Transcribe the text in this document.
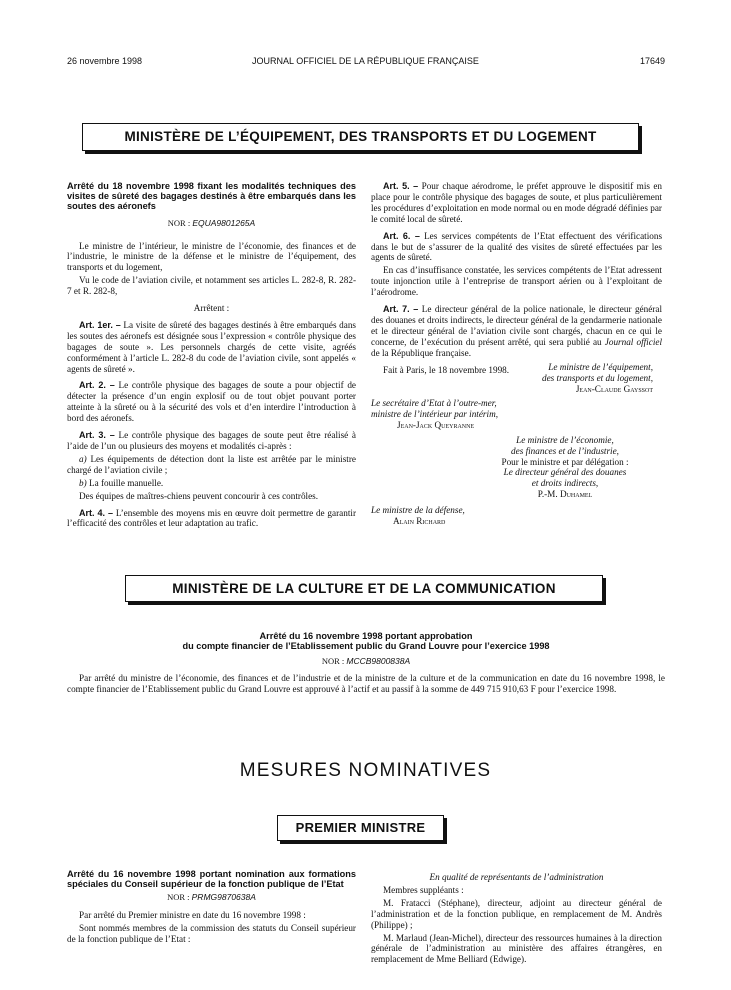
26 novembre 1998	JOURNAL OFFICIEL DE LA RÉPUBLIQUE FRANÇAISE	17649
MINISTÈRE DE L’ÉQUIPEMENT, DES TRANSPORTS ET DU LOGEMENT

Arrêté du 18 novembre 1998 fixant les modalités techniques des visites de sûreté des bagages destinés à être embarqués dans les soutes des aéronefs

NOR : EQUA9801265A

Le ministre de l’intérieur, le ministre de l’économie, des finances et de l’industrie, le ministre de la défense et le ministre de l’équipement, des transports et du logement,

Vu le code de l’aviation civile, et notamment ses articles L. 282-8, R. 282-7 et R. 282-8,

Arrêtent :

Art. 1er. – La visite de sûreté des bagages destinés à être embarqués dans les soutes des aéronefs est désignée sous l’expression « contrôle physique des bagages de soute ». Les personnels chargés de cette visite, agréés conformément à l’article L. 282-8 du code de l’aviation civile, sont appelés « agents de sûreté ».

Art. 2. – Le contrôle physique des bagages de soute a pour objectif de détecter la présence d’un engin explosif ou de tout objet pouvant porter atteinte à la sûreté ou à la sécurité des vols et d’en interdire l’introduction à bord des aéronefs.

Art. 3. – Le contrôle physique des bagages de soute peut être réalisé à l’aide de l’un ou plusieurs des moyens et modalités ci-après :

a) Les équipements de détection dont la liste est arrêtée par le ministre chargé de l’aviation civile ;

b) La fouille manuelle.

Des équipes de maîtres-chiens peuvent concourir à ces contrôles.

Art. 4. – L’ensemble des moyens mis en œuvre doit permettre de garantir l’efficacité des contrôles et leur adaptation au trafic.

Art. 5. – Pour chaque aérodrome, le préfet approuve le dispositif mis en place pour le contrôle physique des bagages de soute, et plus particulièrement les procédures d’exploitation en mode normal ou en mode dégradé définies par le comité local de sûreté.

Art. 6. – Les services compétents de l’Etat effectuent des vérifications dans le but de s’assurer de la qualité des visites de sûreté effectuées par les agents de sûreté.

En cas d’insuffisance constatée, les services compétents de l’Etat adressent toute injonction utile à l’entreprise de transport aérien ou à l’exploitant de l’aérodrome.

Art. 7. – Le directeur général de la police nationale, le directeur général des douanes et droits indirects, le directeur général de la gendarmerie nationale et le directeur général de l’aviation civile sont chargés, chacun en ce qui le concerne, de l’exécution du présent arrêté, qui sera publié au Journal officiel de la République française.

Fait à Paris, le 18 novembre 1998.	Le ministre de l’équipement,
des transports et du logement,
Jean-Claude Gayssot
Le secrétaire d’Etat à l’outre-mer,
ministre de l’intérieur par intérim,
Jean-Jack Queyranne
Le ministre de l’économie,
des finances et de l’industrie,
Pour le ministre et par délégation :
Le directeur général des douanes
et droits indirects,
P.-M. Duhamel
Le ministre de la défense,
Alain Richard
MINISTÈRE DE LA CULTURE ET DE LA COMMUNICATION
Arrêté du 16 novembre 1998 portant approbation
du compte financier de l’Etablissement public du Grand Louvre pour l’exercice 1998
NOR : MCCB9800838A
Par arrêté du ministre de l’économie, des finances et de l’industrie et de la ministre de la culture et de la communication en date du 16 novembre 1998, le compte financier de l’Etablissement public du Grand Louvre est approuvé à l’actif et au passif à la somme de 449 715 910,63 F pour l’exercice 1998.
MESURES NOMINATIVES
PREMIER MINISTRE

Arrêté du 16 novembre 1998 portant nomination aux formations spéciales du Conseil supérieur de la fonction publique de l’Etat

NOR : PRMG9870638A

Par arrêté du Premier ministre en date du 16 novembre 1998 :

Sont nommés membres de la commission des statuts du Conseil supérieur de la fonction publique de l’Etat :

En qualité de représentants de l’administration

Membres suppléants :

M. Fratacci (Stéphane), directeur, adjoint au directeur général de l’administration et de la fonction publique, en remplacement de M. Andrès (Philippe) ;

M. Marlaud (Jean-Michel), directeur des ressources humaines à la direction générale de l’administration au ministère des affaires étrangères, en remplacement de Mme Belliard (Edwige).
